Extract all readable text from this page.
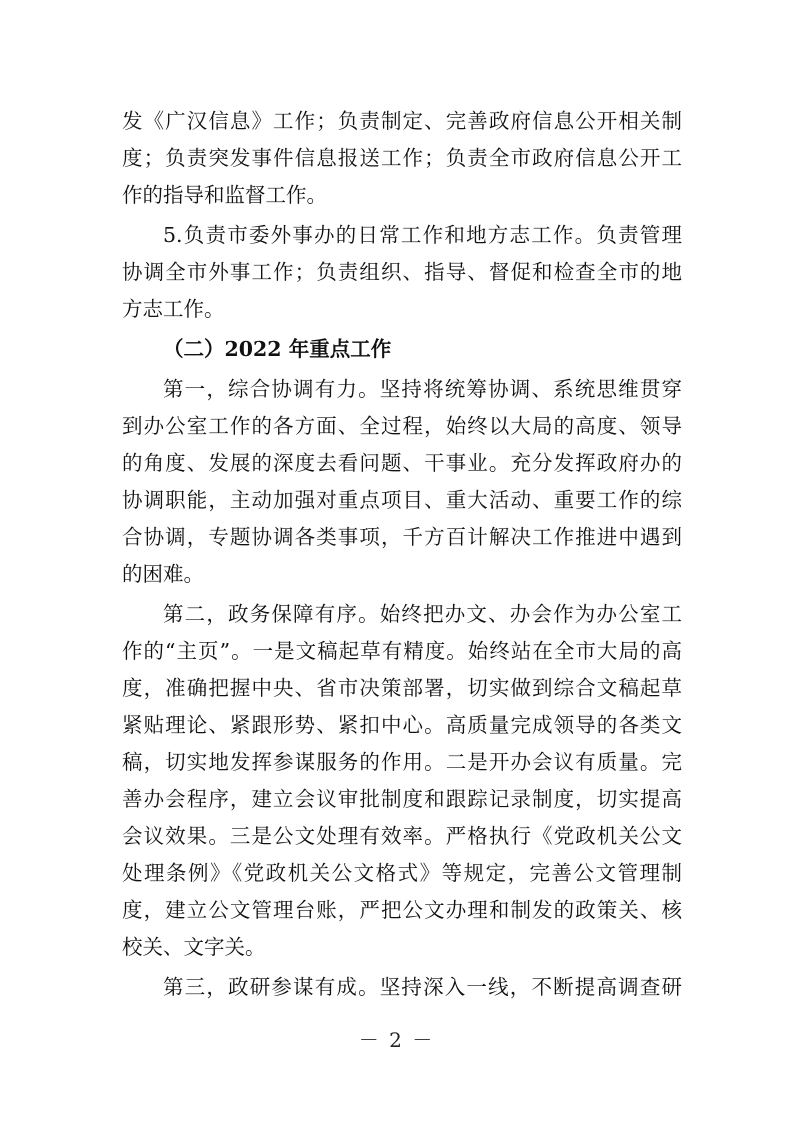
发《广汉信息》工作；负责制定、完善政府信息公开相关制
度；负责突发事件信息报送工作；负责全市政府信息公开工
作的指导和监督工作。
5.负责市委外事办的日常工作和地方志工作。负责管理
协调全市外事工作；负责组织、指导、督促和检查全市的地
方志工作。
（二）2022 年重点工作
第一，综合协调有力。坚持将统筹协调、系统思维贯穿
到办公室工作的各方面、全过程，始终以大局的高度、领导
的角度、发展的深度去看问题、干事业。充分发挥政府办的
协调职能，主动加强对重点项目、重大活动、重要工作的综
合协调，专题协调各类事项，千方百计解决工作推进中遇到
的困难。
第二，政务保障有序。始终把办文、办会作为办公室工
作的“主页”。一是文稿起草有精度。始终站在全市大局的高
度，准确把握中央、省市决策部署，切实做到综合文稿起草
紧贴理论、紧跟形势、紧扣中心。高质量完成领导的各类文
稿，切实地发挥参谋服务的作用。二是开办会议有质量。完
善办会程序，建立会议审批制度和跟踪记录制度，切实提高
会议效果。三是公文处理有效率。严格执行《党政机关公文
处理条例》《党政机关公文格式》等规定，完善公文管理制
度，建立公文管理台账，严把公文办理和制发的政策关、核
校关、文字关。
第三，政研参谋有成。坚持深入一线，不断提高调查研
－ 2 －
